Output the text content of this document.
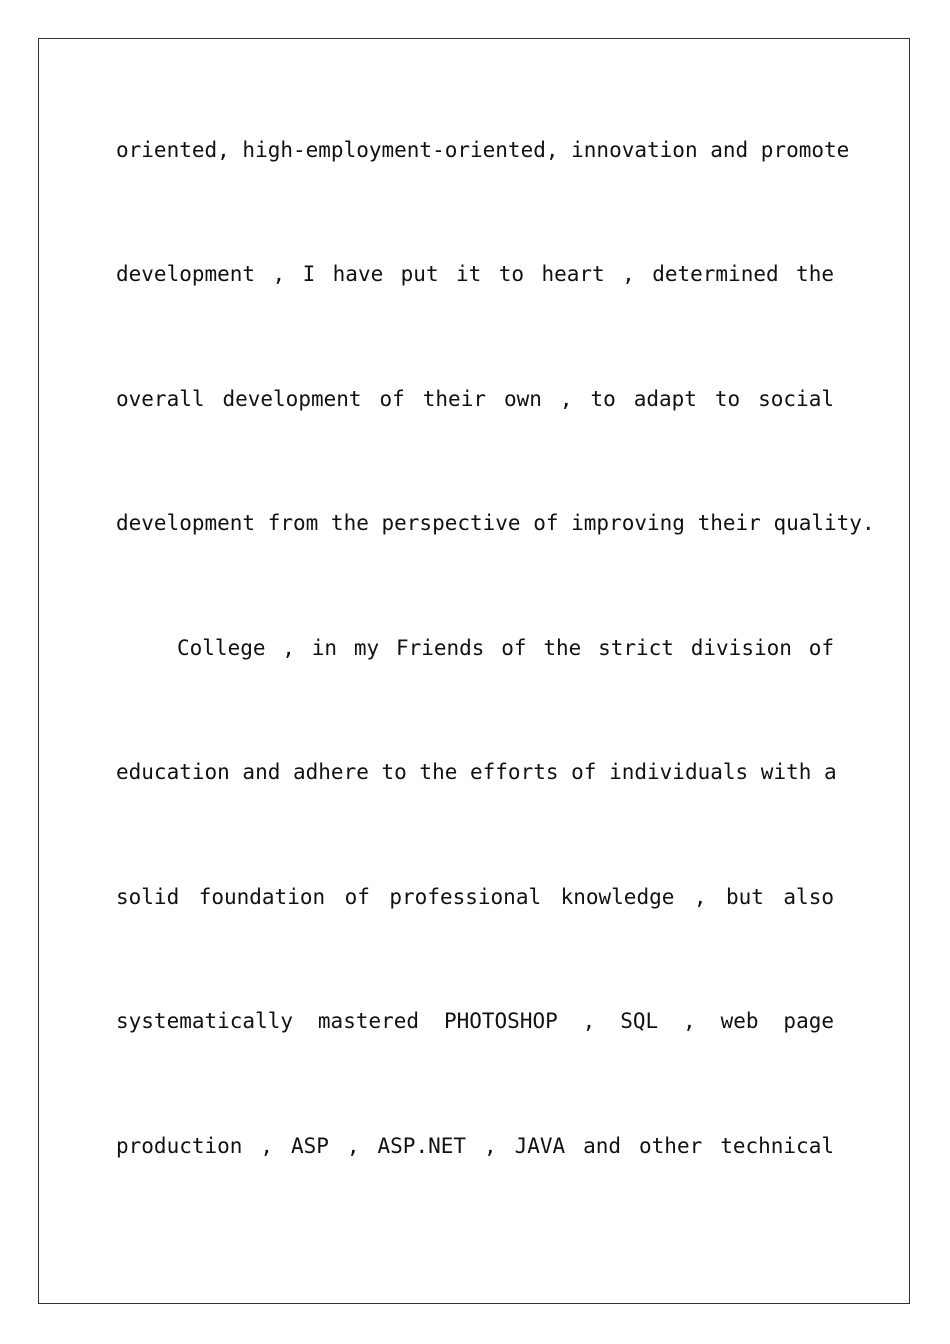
oriented, high-employment-oriented, innovation and promote
development , I have put it to heart , determined the
overall development of their own , to adapt to social
development from the perspective of improving their quality.
College , in my Friends of the strict division of
education and adhere to the efforts of individuals with a
solid foundation of professional knowledge , but also
systematically mastered PHOTOSHOP , SQL , web page
production , ASP , ASP.NET , JAVA and other technical
